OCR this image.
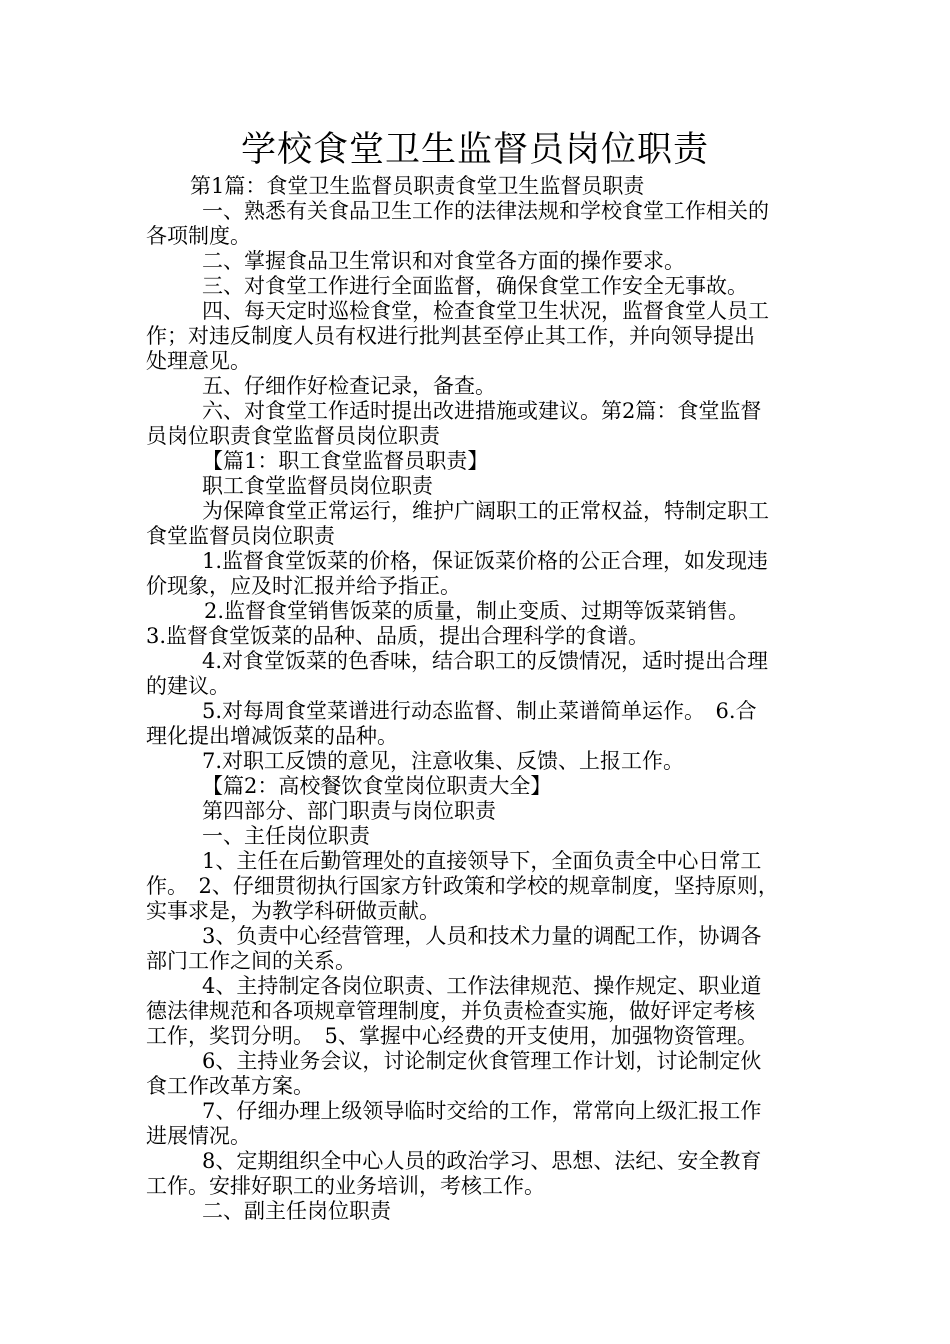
学校食堂卫生监督员岗位职责
第1篇：食堂卫生监督员职责食堂卫生监督员职责
一、熟悉有关食品卫生工作的法律法规和学校食堂工作相关的
各项制度。
二、掌握食品卫生常识和对食堂各方面的操作要求。
三、对食堂工作进行全面监督，确保食堂工作安全无事故。
四、每天定时巡检食堂，检查食堂卫生状况，监督食堂人员工
作；对违反制度人员有权进行批判甚至停止其工作，并向领导提出
处理意见。
五、仔细作好检查记录，备查。
六、对食堂工作适时提出改进措施或建议。第2篇：食堂监督
员岗位职责食堂监督员岗位职责
【篇1：职工食堂监督员职责】
职工食堂监督员岗位职责
为保障食堂正常运行，维护广阔职工的正常权益，特制定职工
食堂监督员岗位职责
1.监督食堂饭菜的价格，保证饭菜价格的公正合理，如发现违
价现象，应及时汇报并给予指正。
2.监督食堂销售饭菜的质量，制止变质、过期等饭菜销售。
3.监督食堂饭菜的品种、品质，提出合理科学的食谱。
4.对食堂饭菜的色香味，结合职工的反馈情况，适时提出合理
的建议。
5.对每周食堂菜谱进行动态监督、制止菜谱简单运作。　6.合
理化提出增减饭菜的品种。
7.对职工反馈的意见，注意收集、反馈、上报工作。
【篇2：高校餐饮食堂岗位职责大全】
第四部分、部门职责与岗位职责
一、主任岗位职责
1、主任在后勤管理处的直接领导下，全面负责全中心日常工
作。　2、仔细贯彻执行国家方针政策和学校的规章制度，坚持原则，
实事求是，为教学科研做贡献。
3、负责中心经营管理，人员和技术力量的调配工作，协调各
部门工作之间的关系。
4、主持制定各岗位职责、工作法律规范、操作规定、职业道
德法律规范和各项规章管理制度，并负责检查实施，做好评定考核
工作，奖罚分明。　5、掌握中心经费的开支使用，加强物资管理。
6、主持业务会议，讨论制定伙食管理工作计划，讨论制定伙
食工作改革方案。
7、仔细办理上级领导临时交给的工作，常常向上级汇报工作
进展情况。
8、定期组织全中心人员的政治学习、思想、法纪、安全教育
工作。安排好职工的业务培训，考核工作。
二、副主任岗位职责
